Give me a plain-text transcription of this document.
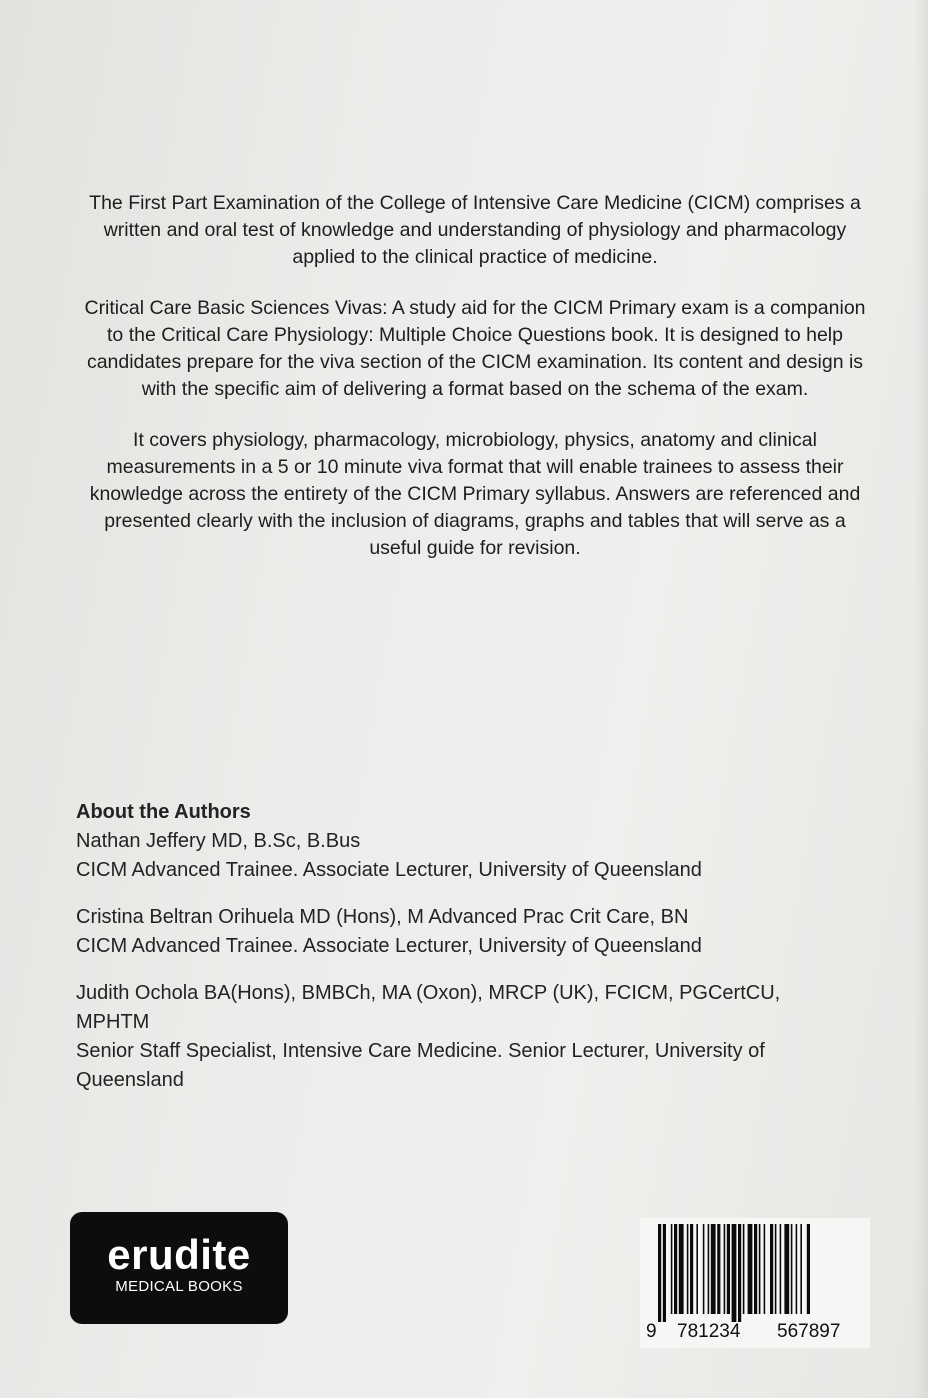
The First Part Examination of the College of Intensive Care Medicine (CICM) comprises a written and oral test of knowledge and understanding of physiology and pharmacology applied to the clinical practice of medicine.

Critical Care Basic Sciences Vivas: A study aid for the CICM Primary exam is a companion to the Critical Care Physiology: Multiple Choice Questions book. It is designed to help candidates prepare for the viva section of the CICM examination. Its content and design is with the specific aim of delivering a format based on the schema of the exam.

It covers physiology, pharmacology, microbiology, physics, anatomy and clinical measurements in a 5 or 10 minute viva format that will enable trainees to assess their knowledge across the entirety of the CICM Primary syllabus. Answers are referenced and presented clearly with the inclusion of diagrams, graphs and tables that will serve as a useful guide for revision.

About the Authors
Nathan Jeffery MD, B.Sc, B.Bus
CICM Advanced Trainee. Associate Lecturer, University of Queensland
Cristina Beltran Orihuela MD (Hons), M Advanced Prac Crit Care, BN
CICM Advanced Trainee. Associate Lecturer, University of Queensland
Judith Ochola BA(Hons), BMBCh, MA (Oxon), MRCP (UK), FCICM, PGCertCU, MPHTM
Senior Staff Specialist, Intensive Care Medicine. Senior Lecturer, University of Queensland
erudite
MEDICAL BOOKS
9 781234 567897
